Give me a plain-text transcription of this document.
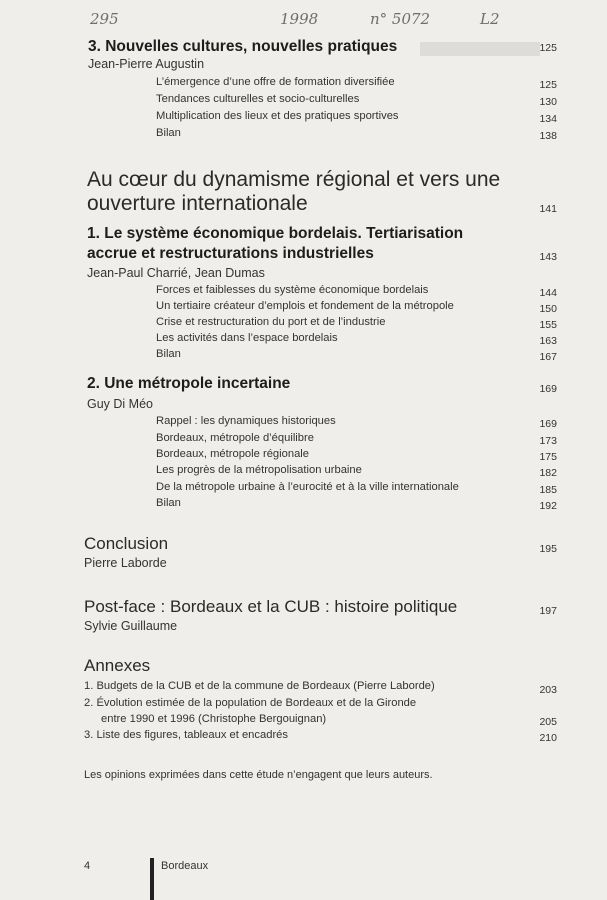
295	1998	n° 5072	L2
3. Nouvelles cultures, nouvelles pratiques	125
Jean-Pierre Augustin
L’émergence d’une offre de formation diversifiée	125
Tendances culturelles et socio-culturelles	130
Multiplication des lieux et des pratiques sportives	134
Bilan	138
Au cœur du dynamisme régional et vers une ouverture internationale	141
1. Le système économique bordelais. Tertiarisation accrue et restructurations industrielles	143
Jean-Paul Charrié, Jean Dumas
Forces et faiblesses du système économique bordelais	144
Un tertiaire créateur d’emplois et fondement de la métropole	150
Crise et restructuration du port et de l’industrie	155
Les activités dans l’espace bordelais	163
Bilan	167
2. Une métropole incertaine	169
Guy Di Méo
Rappel : les dynamiques historiques	169
Bordeaux, métropole d’équilibre	173
Bordeaux, métropole régionale	175
Les progrès de la métropolisation urbaine	182
De la métropole urbaine à l’eurocité et à la ville internationale	185
Bilan	192
Conclusion	195
Pierre Laborde
Post-face : Bordeaux et la CUB : histoire politique	197
Sylvie Guillaume
Annexes
1. Budgets de la CUB et de la commune de Bordeaux (Pierre Laborde)	203
2. Évolution estimée de la population de Bordeaux et de la Gironde
entre 1990 et 1996 (Christophe Bergouignan)	205
3. Liste des figures, tableaux et encadrés	210
Les opinions exprimées dans cette étude n’engagent que leurs auteurs.
4	Bordeaux
